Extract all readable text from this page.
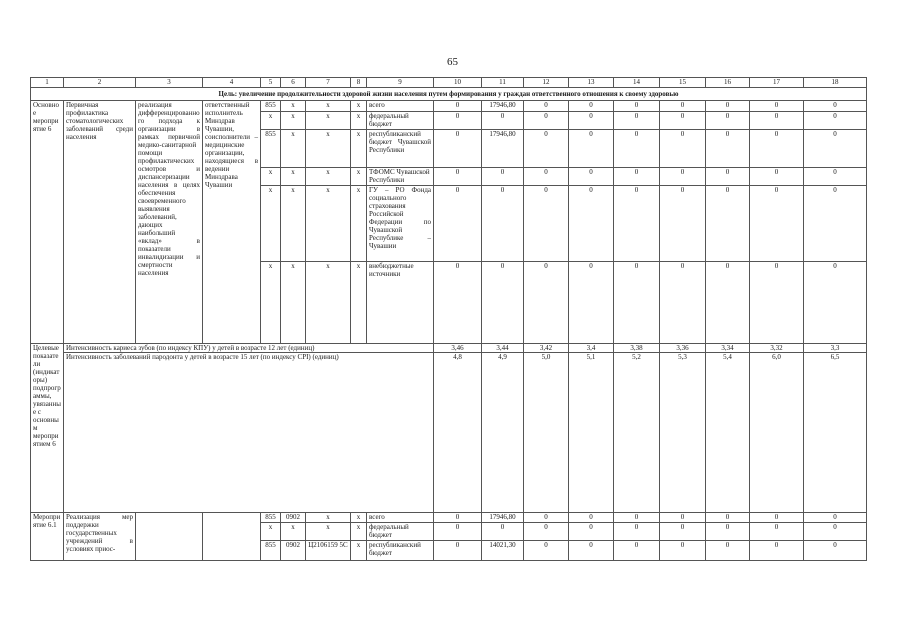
65
1	2	3	4	5	6	7	8	9	10	11	12	13	14	15	16	17	18
Цель: увеличение продолжительности здоровой жизни населения путем формирования у граждан ответственного отношения к своему здоровью																	
Основное мероприятие 6	Первичная профилактика стоматологических заболеваний среди населения	реализация дифференцированного подхода к организации в рамках первичной медико-санитарной помощи профилактических осмотров и диспансеризации населения в целях обеспечения своевременного выявления заболеваний, дающих наибольший «вклад» в показатели инвалидизации и смертности населения	ответственный исполнитель Минздрав Чувашии, соисполнители – медицинские организации, находящиеся в ведении Минздрава Чувашии	855	x	x	x	всего	0	17946,80	0	0	0	0	0	0	0
				x	x	x	x	федеральный бюджет	0	0	0	0	0	0	0	0	0
				855	x	x	x	республиканский бюджет Чувашской Республики	0	17946,80	0	0	0	0	0	0	0
				x	x	x	x	ТФОМС Чувашской Республики	0	0	0	0	0	0	0	0	0
				x	x	x	x	ГУ – РО Фонда социального страхования Российской Федерации по Чувашской Республике – Чувашии	0	0	0	0	0	0	0	0	0
				x	x	x	x	внебюджетные источники	0	0	0	0	0	0	0	0	0
Целевые показатели (индикаторы) подпрограммы, увязанные с основным мероприятием 6	Интенсивность кариеса зубов (по индексу КПУ) у детей в возрасте 12 лет (единиц)								3,46	3,44	3,42	3,4	3,38	3,36	3,34	3,32	3,3
	Интенсивность заболеваний пародонта у детей в возрасте 15 лет (по индексу СРІ) (единиц)								4,8	4,9	5,0	5,1	5,2	5,3	5,4	6,0	6,5
Мероприятие 6.1	Реализация мер поддержки государственных учреждений в условиях приос-			855	0902	x	x	всего	0	17946,80	0	0	0	0	0	0	0
				x	x	x	x	федеральный бюджет	0	0	0	0	0	0	0	0	0
				855	0902	Ц2106159 5С	x	республиканский бюджет	0	14021,30	0	0	0	0	0	0	0
